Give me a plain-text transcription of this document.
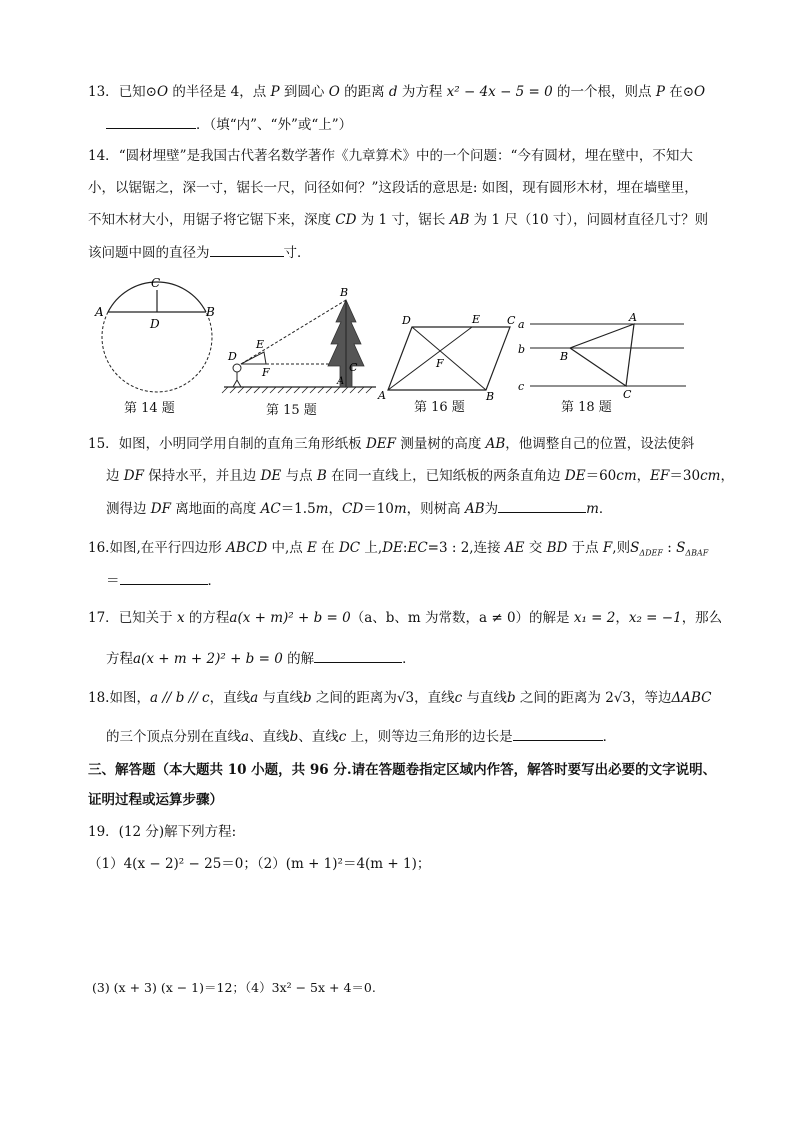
13．已知⊙O 的半径是 4，点 P 到圆心 O 的距离 d 为方程 x² − 4x − 5 = 0 的一个根，则点 P 在⊙O
．（填“内”、“外”或“上”）
14．“圆材埋壁”是我国古代著名数学著作《九章算术》中的一个问题：“今有圆材，埋在壁中，不知大
小，以锯锯之，深一寸，锯长一尺，问径如何？”这段话的意思是: 如图，现有圆形木材，埋在墙壁里，
不知木材大小，用锯子将它锯下来，深度 CD 为 1 寸，锯长 AB 为 1 尺（10 寸），问圆材直径几寸？则
该问题中圆的直径为	寸．
A	B
C
D
B
E
D
F	C
A
D	E C
F
A	B
a
b
c
A
B
C
第 14 题	第 15 题	第 16 题	第 18 题
15．如图，小明同学用自制的直角三角形纸板 DEF 测量树的高度 AB，他调整自己的位置，设法使斜
边 DF 保持水平，并且边 DE 与点 B 在同一直线上，已知纸板的两条直角边 DE＝60cm，EF＝30cm，
测得边 DF 离地面的高度 AC＝1.5m，CD＝10m，则树高 AB为	m．
16.如图,在平行四边形 ABCD 中,点 E 在 DC 上,DE:EC=3 : 2,连接 AE 交 BD 于点 F,则$S_{\Delta DEF}$ : $S_{\Delta BAF}$
＝	．
17．已知关于 x 的方程a(x + m)² + b = 0（a、b、m 为常数，a ≠ 0）的解是 x₁ = 2，x₂ = −1，那么
方程a(x + m + 2)² + b = 0 的解	．
18.如图，a // b // c，直线a 与直线b 之间的距离为√3，直线c 与直线b 之间的距离为 2√3，等边ΔABC
的三个顶点分别在直线a、直线b、直线c 上，则等边三角形的边长是	．
三、解答题（本大题共 10 小题，共 96 分.请在答题卷指定区域内作答，解答时要写出必要的文字说明、
证明过程或运算步骤）
19．(12 分)解下列方程:
（1）4(x − 2)² − 25＝0；（2）(m + 1)²＝4(m + 1)；
(3) (x + 3) (x − 1)＝12；（4）3x² − 5x + 4＝0.
